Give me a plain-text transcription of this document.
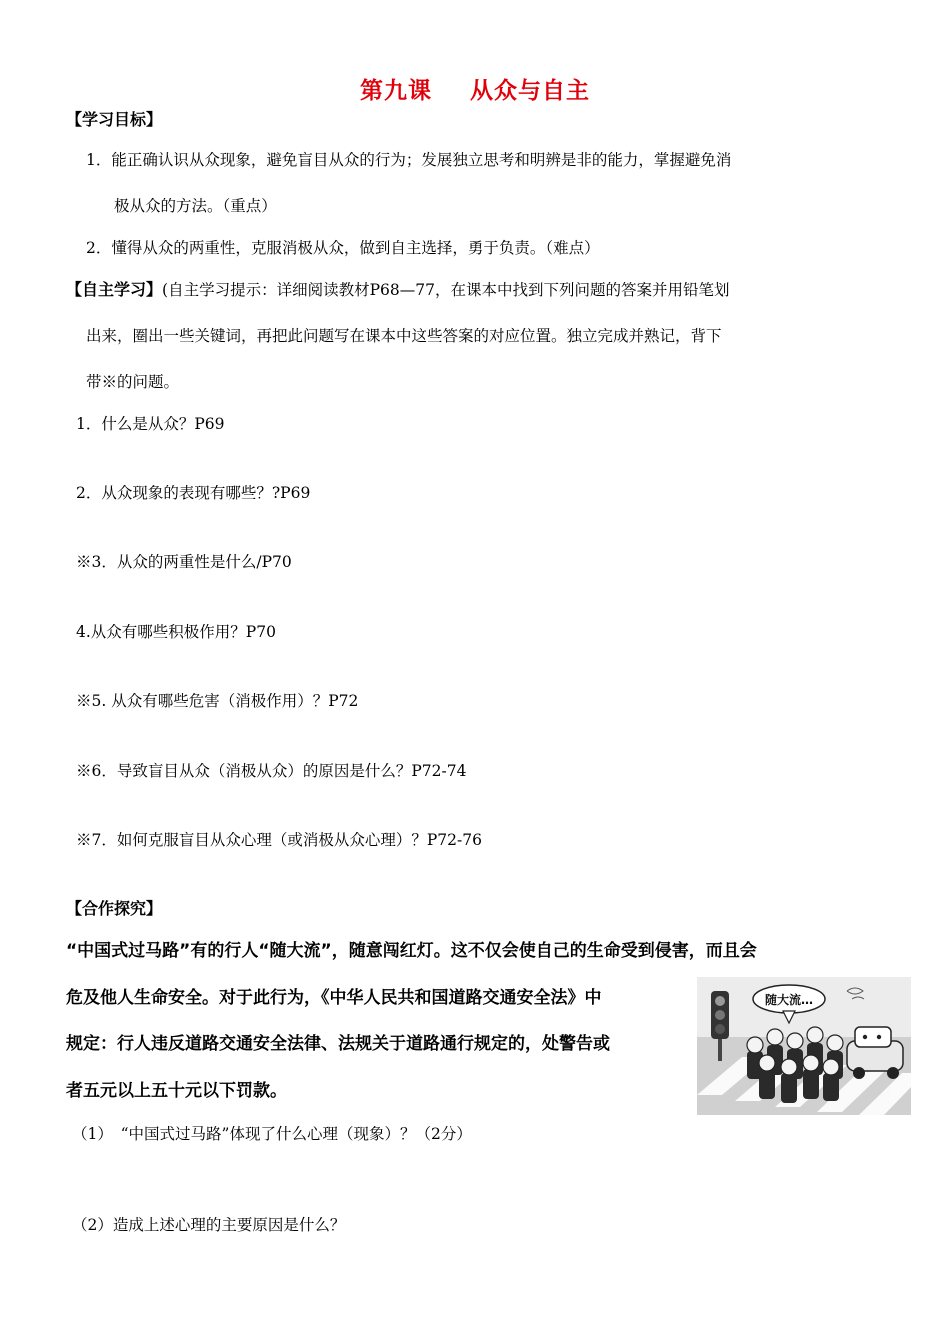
第九课 从众与自主
【学习目标】
1．能正确认识从众现象，避免盲目从众的行为；发展独立思考和明辨是非的能力，掌握避免消
极从众的方法。（重点）
2．懂得从众的两重性，克服消极从众，做到自主选择，勇于负责。（难点）
【自主学习】(自主学习提示：详细阅读教材P68—77，在课本中找到下列问题的答案并用铅笔划
出来，圈出一些关键词，再把此问题写在课本中这些答案的对应位置。独立完成并熟记，背下
带※的问题。
1．什么是从众？P69
2．从众现象的表现有哪些？?P69
※3．从众的两重性是什么/P70
4.从众有哪些积极作用？P70
※5. 从众有哪些危害（消极作用）？P72
※6．导致盲目从众（消极从众）的原因是什么？P72-74
※7．如何克服盲目从众心理（或消极从众心理）？P72-76
【合作探究】
“中国式过马路”有的行人“随大流”，随意闯红灯。这不仅会使自己的生命受到侵害，而且会
危及他人生命安全。对于此行为，《中华人民共和国道路交通安全法》中
规定：行人违反道路交通安全法律、法规关于道路通行规定的，处警告或
者五元以上五十元以下罚款。
随大流…
（1）　“中国式过马路”体现了什么心理（现象）？（2分）
（2）造成上述心理的主要原因是什么？
